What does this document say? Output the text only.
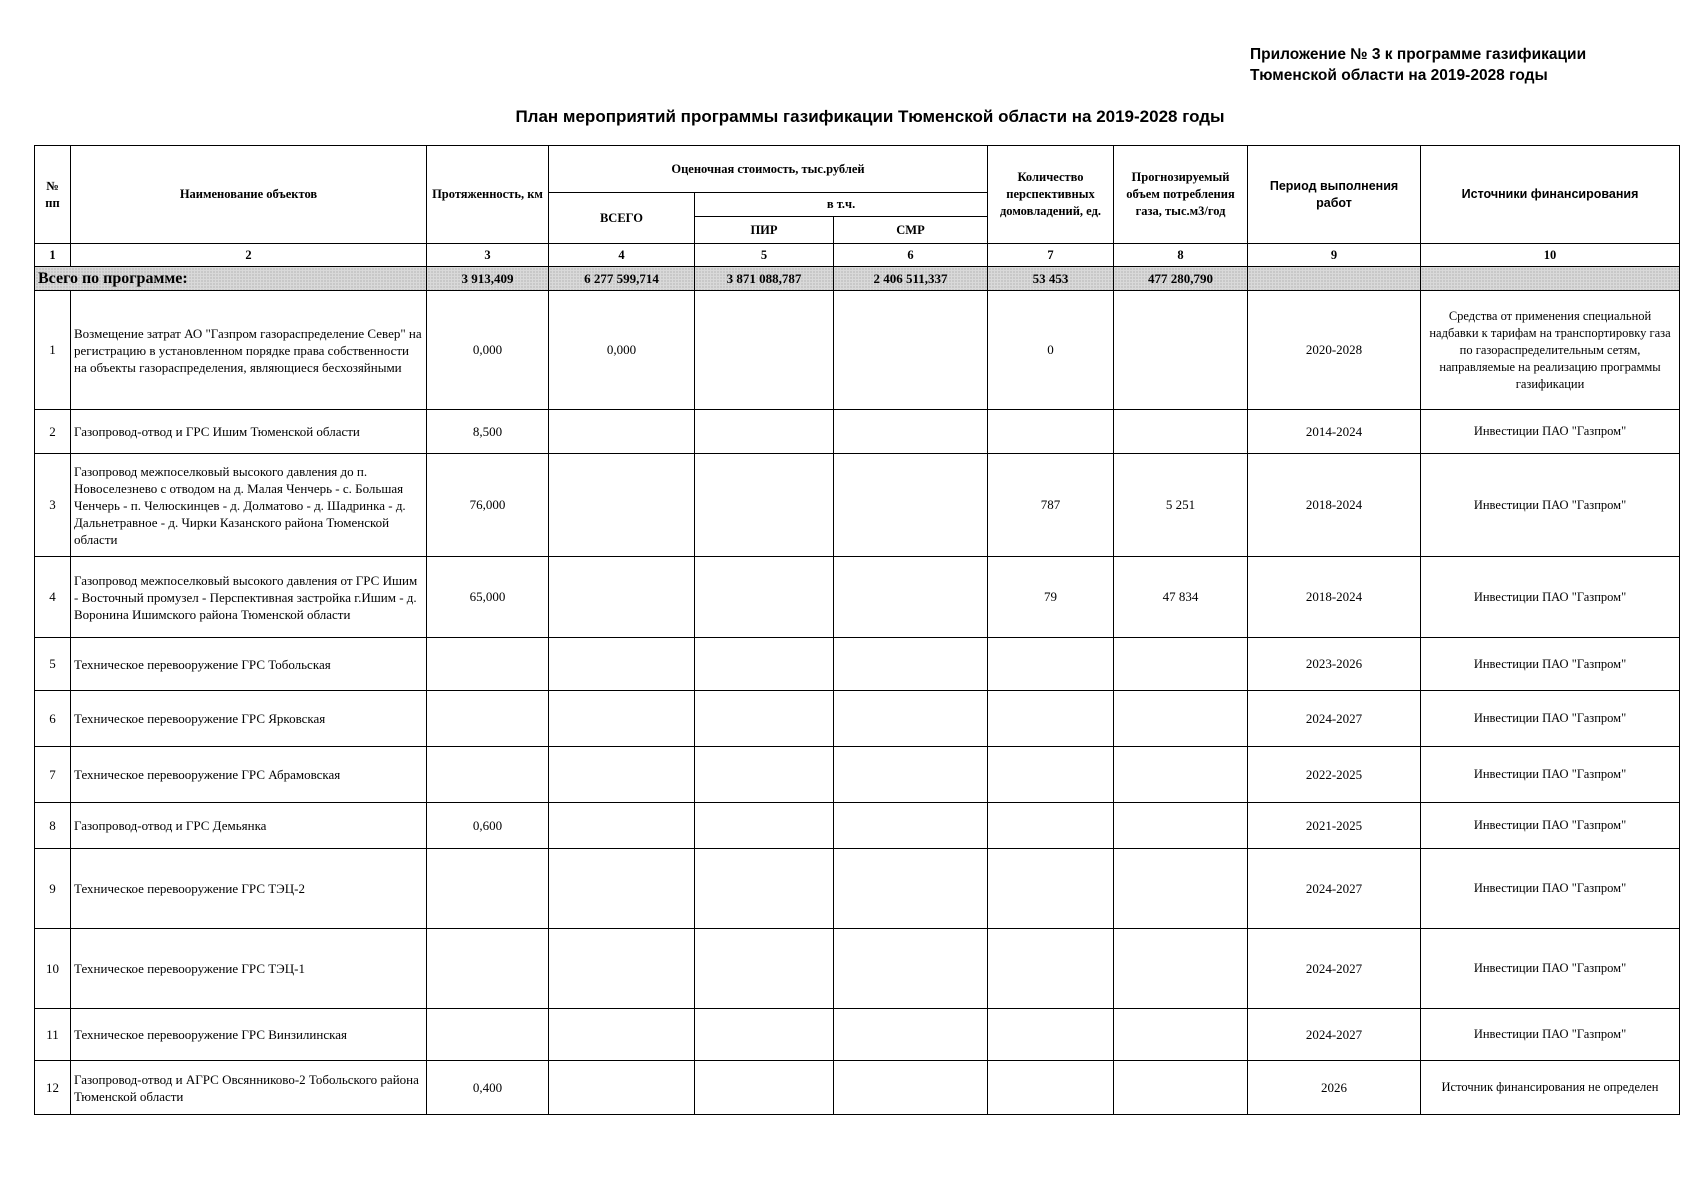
Приложение № 3 к программе газификации
Тюменской области на 2019-2028 годы
План мероприятий программы газификации Тюменской области на 2019-2028 годы
№ пп	Наименование объектов	Протяженность, км	Оценочная стоимость, тыс.рублей			Количество перспективных домовладений, ед.	Прогнозируемый объем потребления газа, тыс.м3/год	Период выполнения работ	Источники финансирования
			ВСЕГО	в т.ч.					
				ПИР	СМР				
1	2	3	4	5	6	7	8	9	10
Всего по программе:		3 913,409	6 277 599,714	3 871 088,787	2 406 511,337	53 453	477 280,790		
1	Возмещение затрат АО "Газпром газораспределение Север" на регистрацию в установленном порядке права собственности на объекты газораспределения, являющиеся бесхозяйными	0,000	0,000			0		2020-2028	Средства от применения специальной надбавки к тарифам на транспортировку газа по газораспределительным сетям, направляемые на реализацию программы газификации
2	Газопровод-отвод и ГРС Ишим Тюменской области	8,500						2014-2024	Инвестиции ПАО "Газпром"
3	Газопровод межпоселковый высокого давления до п. Новоселезнево с отводом на д. Малая Ченчерь - с. Большая Ченчерь - п. Челюскинцев - д. Долматово - д. Шадринка - д. Дальнетравное - д. Чирки Казанского района Тюменской области	76,000				787	5 251	2018-2024	Инвестиции ПАО "Газпром"
4	Газопровод межпоселковый высокого давления от ГРС Ишим - Восточный промузел - Перспективная застройка г.Ишим - д. Воронина Ишимского района Тюменской области	65,000				79	47 834	2018-2024	Инвестиции ПАО "Газпром"
5	Техническое перевооружение ГРС Тобольская							2023-2026	Инвестиции ПАО "Газпром"
6	Техническое перевооружение ГРС Ярковская							2024-2027	Инвестиции ПАО "Газпром"
7	Техническое перевооружение ГРС Абрамовская							2022-2025	Инвестиции ПАО "Газпром"
8	Газопровод-отвод и ГРС Демьянка	0,600						2021-2025	Инвестиции ПАО "Газпром"
9	Техническое перевооружение ГРС ТЭЦ-2							2024-2027	Инвестиции ПАО "Газпром"
10	Техническое перевооружение ГРС ТЭЦ-1							2024-2027	Инвестиции ПАО "Газпром"
11	Техническое перевооружение ГРС Винзилинская							2024-2027	Инвестиции ПАО "Газпром"
12	Газопровод-отвод и АГРС Овсянниково-2 Тобольского района Тюменской области	0,400						2026	Источник финансирования не определен
